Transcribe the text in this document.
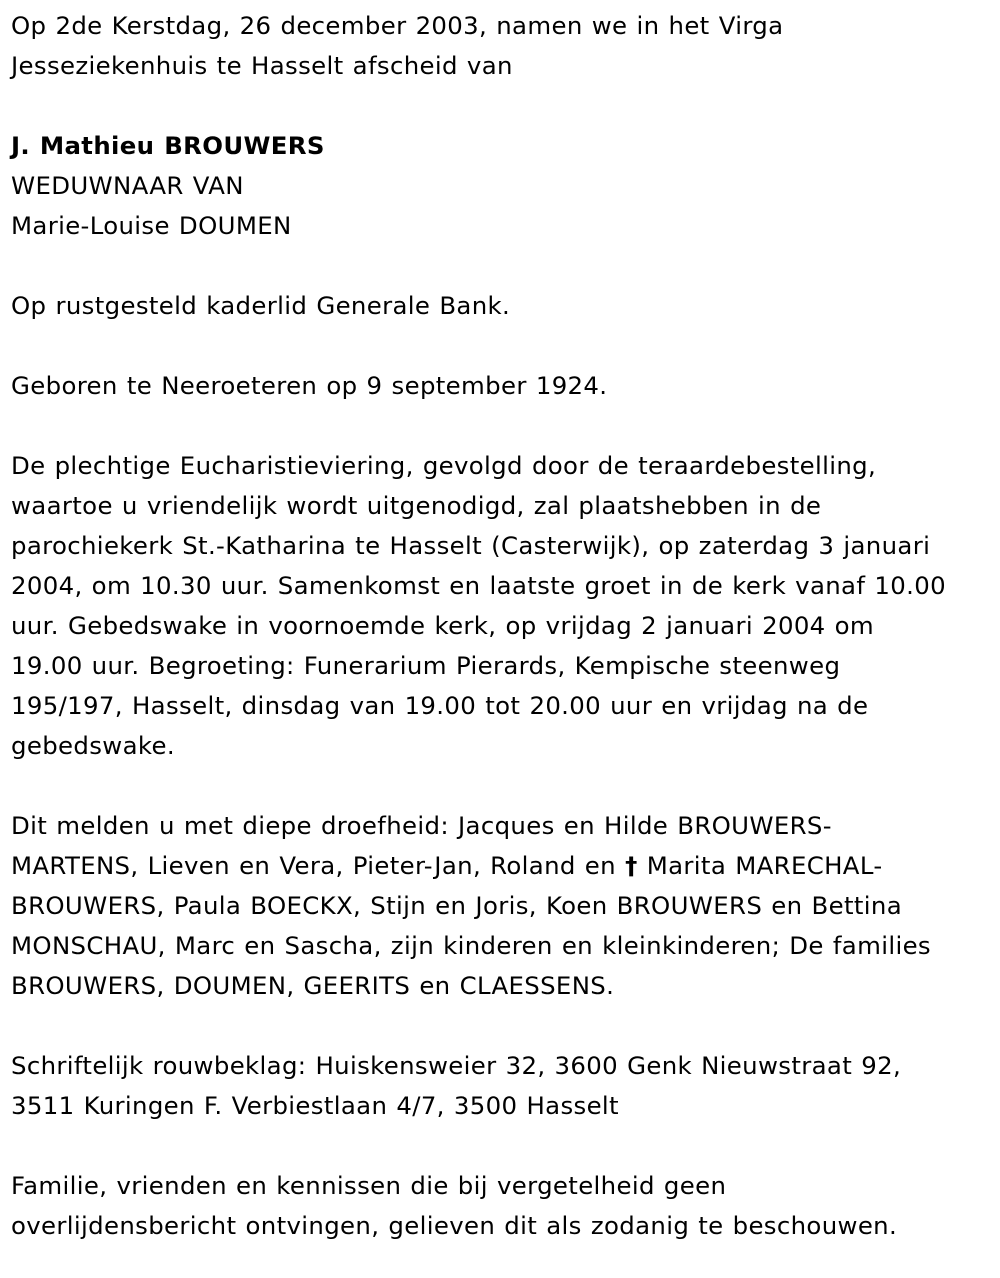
Op 2de Kerstdag, 26 december 2003, namen we in het Virga
Jesseziekenhuis te Hasselt afscheid van

J. Mathieu BROUWERS
WEDUWNAAR VAN
Marie-Louise DOUMEN

Op rustgesteld kaderlid Generale Bank.

Geboren te Neeroeteren op 9 september 1924.

De plechtige Eucharistieviering, gevolgd door de teraardebestelling,
waartoe u vriendelijk wordt uitgenodigd, zal plaatshebben in de
parochiekerk St.-Katharina te Hasselt (Casterwijk), op zaterdag 3 januari
2004, om 10.30 uur. Samenkomst en laatste groet in de kerk vanaf 10.00
uur. Gebedswake in voornoemde kerk, op vrijdag 2 januari 2004 om
19.00 uur. Begroeting: Funerarium Pierards, Kempische steenweg
195/197, Hasselt, dinsdag van 19.00 tot 20.00 uur en vrijdag na de
gebedswake.

Dit melden u met diepe droefheid: Jacques en Hilde BROUWERS-
MARTENS, Lieven en Vera, Pieter-Jan, Roland en † Marita MARECHAL-
BROUWERS, Paula BOECKX, Stijn en Joris, Koen BROUWERS en Bettina
MONSCHAU, Marc en Sascha, zijn kinderen en kleinkinderen; De families
BROUWERS, DOUMEN, GEERITS en CLAESSENS.

Schriftelijk rouwbeklag: Huiskensweier 32, 3600 Genk Nieuwstraat 92,
3511 Kuringen F. Verbiestlaan 4/7, 3500 Hasselt

Familie, vrienden en kennissen die bij vergetelheid geen
overlijdensbericht ontvingen, gelieven dit als zodanig te beschouwen.
